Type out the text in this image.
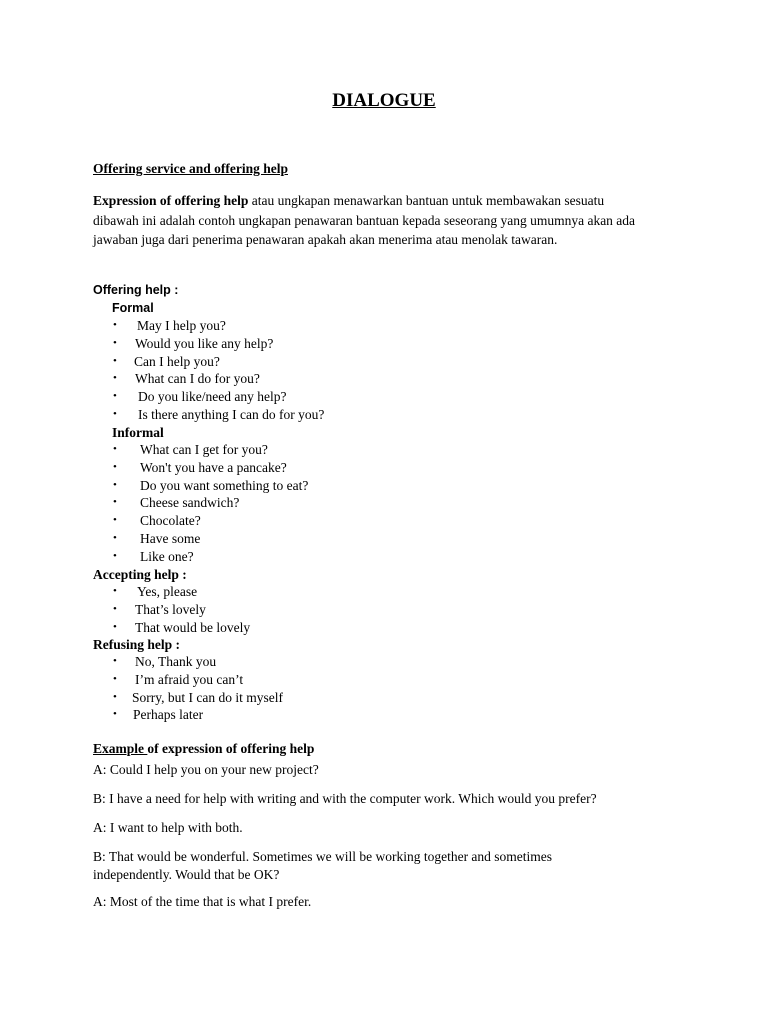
DIALOGUE
Offering service and offering help
Expression of offering help atau ungkapan menawarkan bantuan untuk membawakan sesuatu dibawah ini adalah contoh ungkapan penawaran bantuan kepada seseorang yang umumnya akan ada jawaban juga dari penerima penawaran apakah akan menerima atau menolak tawaran.
Offering help :
Formal
• May I help you?
• Would you like any help?
• Can I help you?
• What can I do for you?
• Do you like/need any help?
• Is there anything I can do for you?
Informal
• What can I get for you?
• Won't you have a pancake?
• Do you want something to eat?
• Cheese sandwich?
• Chocolate?
• Have some
• Like one?
Accepting help :
• Yes, please
• That’s lovely
• That would be lovely
Refusing help :
• No, Thank you
• I’m afraid you can’t
• Sorry, but I can do it myself
• Perhaps later
Example of expression of offering help
A: Could I help you on your new project?
B: I have a need for help with writing and with the computer work. Which would you prefer?
A: I want to help with both.
B: That would be wonderful. Sometimes we will be working together and sometimes independently. Would that be OK?
A: Most of the time that is what I prefer.
